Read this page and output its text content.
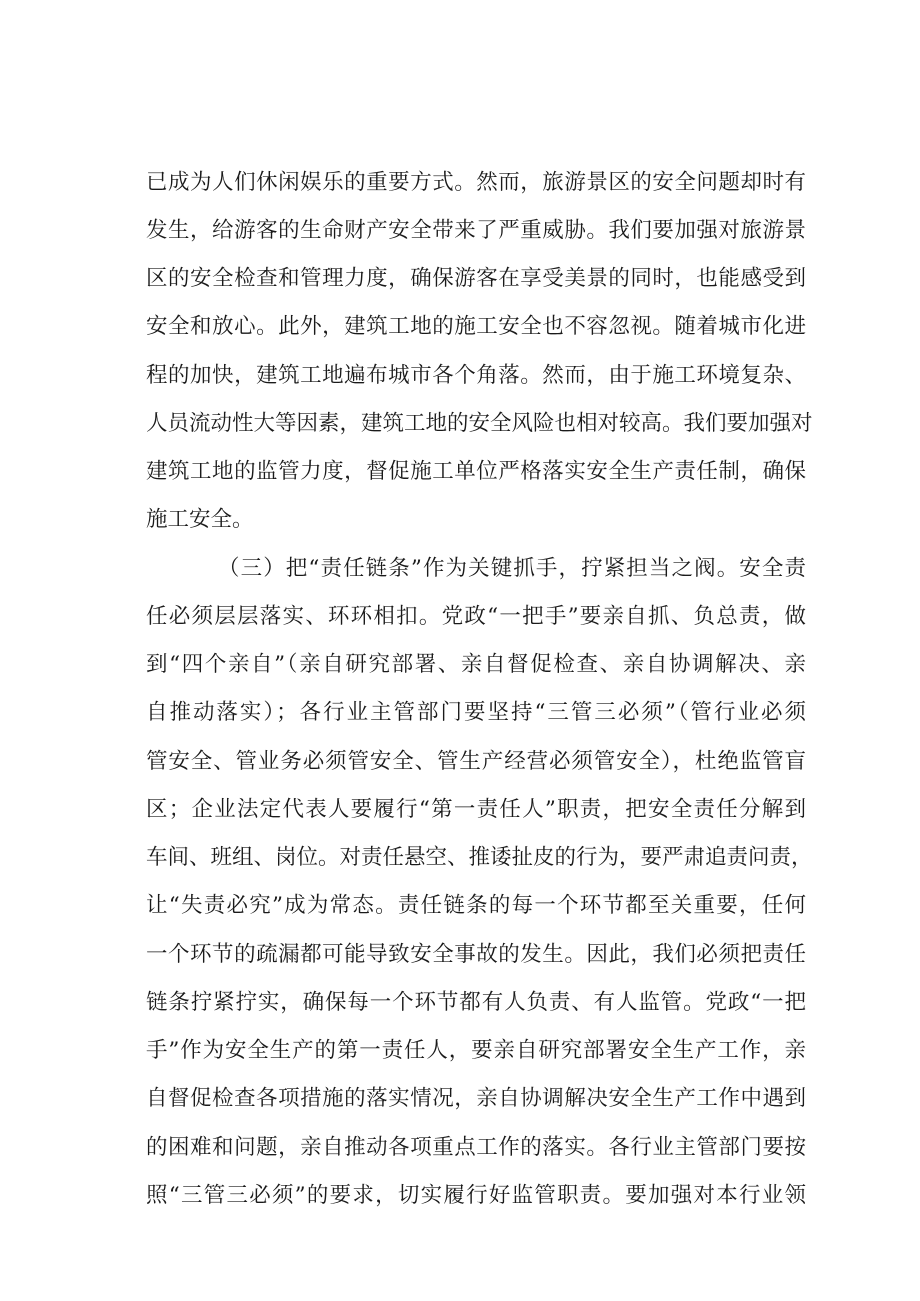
已成为人们休闲娱乐的重要方式。然而，旅游景区的安全问题却时有
发生，给游客的生命财产安全带来了严重威胁。我们要加强对旅游景
区的安全检查和管理力度，确保游客在享受美景的同时，也能感受到
安全和放心。此外，建筑工地的施工安全也不容忽视。随着城市化进
程的加快，建筑工地遍布城市各个角落。然而，由于施工环境复杂、
人员流动性大等因素，建筑工地的安全风险也相对较高。我们要加强对
建筑工地的监管力度，督促施工单位严格落实安全生产责任制，确保
施工安全。
（三）把“责任链条”作为关键抓手，拧紧担当之阀。安全责
任必须层层落实、环环相扣。党政“一把手”要亲自抓、负总责，做
到“四个亲自”（亲自研究部署、亲自督促检查、亲自协调解决、亲
自推动落实）；各行业主管部门要坚持“三管三必须”（管行业必须
管安全、管业务必须管安全、管生产经营必须管安全），杜绝监管盲
区；企业法定代表人要履行“第一责任人”职责，把安全责任分解到
车间、班组、岗位。对责任悬空、推诿扯皮的行为，要严肃追责问责，
让“失责必究”成为常态。责任链条的每一个环节都至关重要，任何
一个环节的疏漏都可能导致安全事故的发生。因此，我们必须把责任
链条拧紧拧实，确保每一个环节都有人负责、有人监管。党政“一把
手”作为安全生产的第一责任人，要亲自研究部署安全生产工作，亲
自督促检查各项措施的落实情况，亲自协调解决安全生产工作中遇到
的困难和问题，亲自推动各项重点工作的落实。各行业主管部门要按
照“三管三必须”的要求，切实履行好监管职责。要加强对本行业领
